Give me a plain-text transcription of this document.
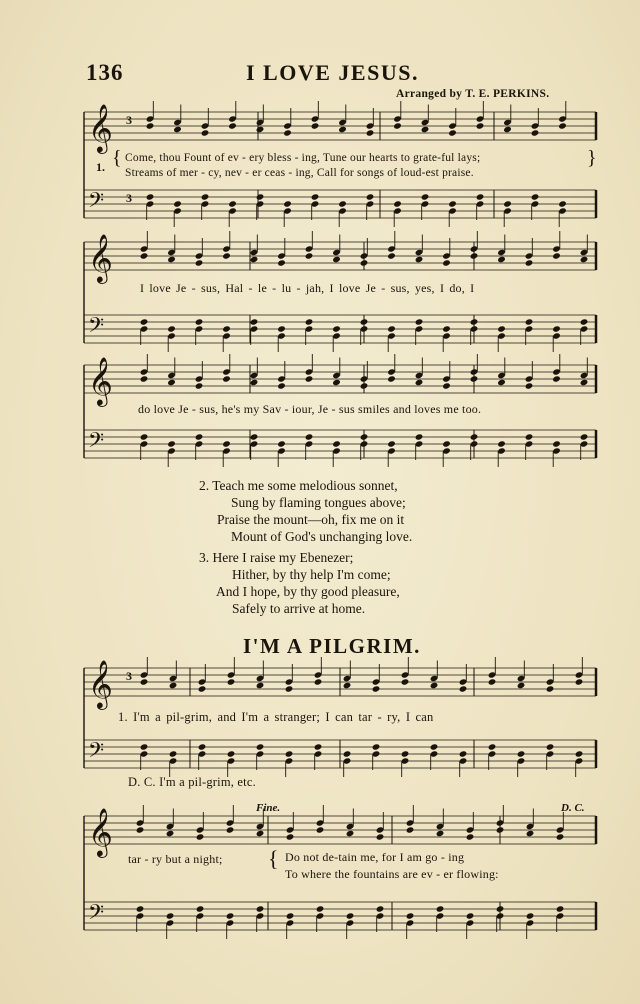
𝄞
𝄢
𝄞
𝄢
𝄞
𝄢
𝄞
𝄢
𝄞
𝄢
3
3
3
136	I LOVE JESUS.
Arranged by T. E. PERKINS.
1. { Come, thou Fount of ev - ery bless - ing, Tune our hearts to grate-ful lays;
Streams of mer - cy, nev - er ceas - ing, Call for songs of loud-est praise.
}
I love Je - sus, Hal - le - lu - jah, I love Je - sus, yes, I do, I
do love Je - sus, he's my Sav - iour, Je - sus smiles and loves me too.
2. Teach me some melodious sonnet,
Sung by flaming tongues above;
Praise the mount—oh, fix me on it
Mount of God's unchanging love.
3. Here I raise my Ebenezer;
Hither, by thy help I'm come;
And I hope, by thy good pleasure,
Safely to arrive at home.
I'M A PILGRIM.
1. I'm a pil-grim, and I'm a stranger; I can tar - ry, I can
D. C. I'm a pil-grim, etc.
Fine.	D. C.
tar - ry but a night; { Do not de-tain me, for I am go - ing
To where the fountains are ev - er flowing:
